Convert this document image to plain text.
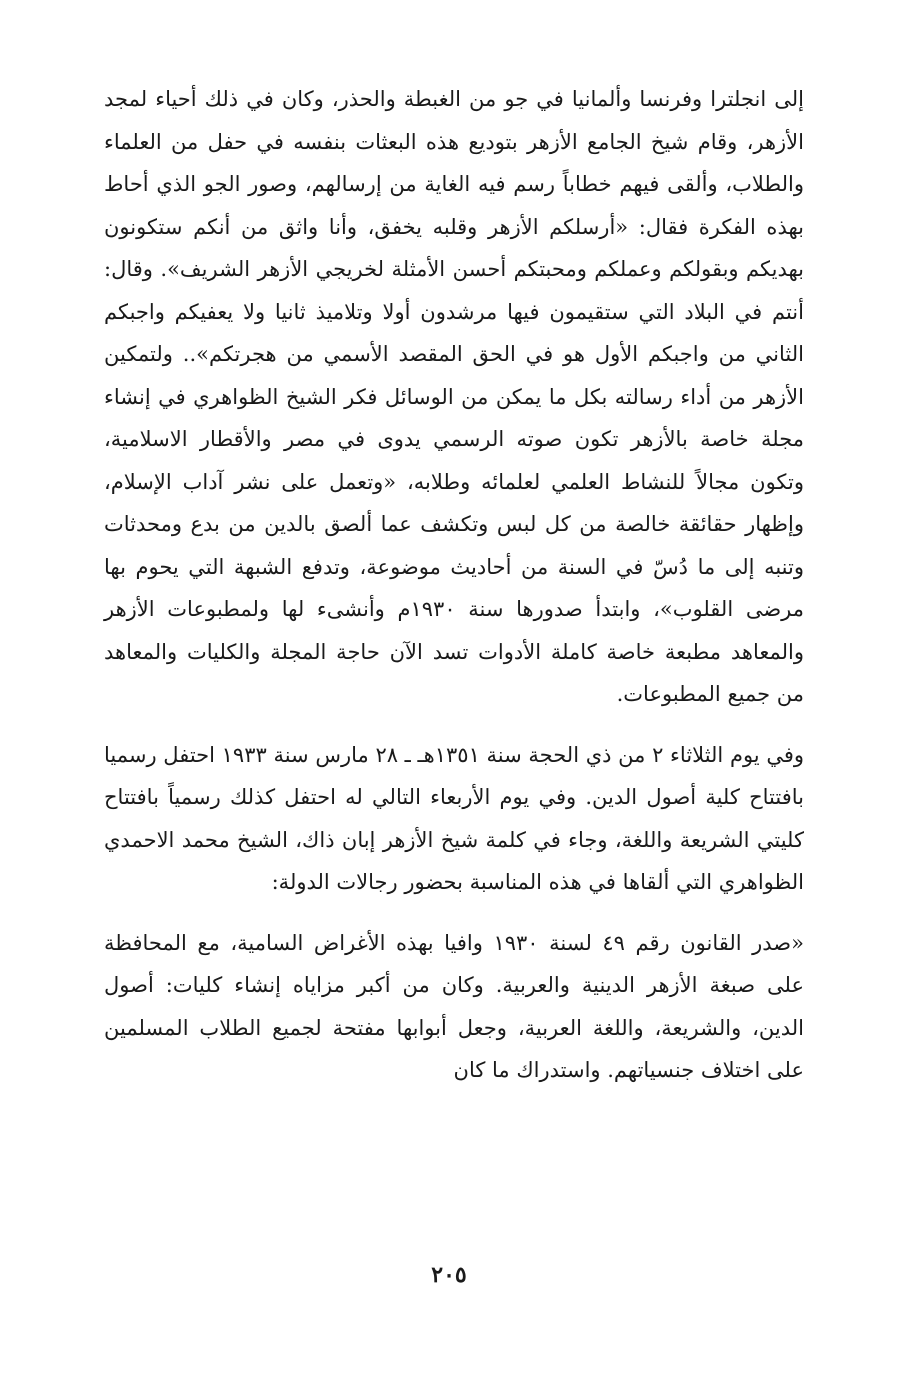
إلى انجلترا وفرنسا وألمانيا في جو من الغبطة والحذر، وكان في ذلك أحياء لمجد الأزهر، وقام شيخ الجامع الأزهر بتوديع هذه البعثات بنفسه في حفل من العلماء والطلاب، وألقى فيهم خطاباً رسم فيه الغاية من إرسالهم، وصور الجو الذي أحاط بهذه الفكرة فقال: «أرسلكم الأزهر وقلبه يخفق، وأنا واثق من أنكم ستكونون بهديكم وبقولكم وعملكم ومحبتكم أحسن الأمثلة لخريجي الأزهر الشريف». وقال: أنتم في البلاد التي ستقيمون فيها مرشدون أولا وتلاميذ ثانيا ولا يعفيكم واجبكم الثاني من واجبكم الأول هو في الحق المقصد الأسمي من هجرتكم».. ولتمكين الأزهر من أداء رسالته بكل ما يمكن من الوسائل فكر الشيخ الظواهري في إنشاء مجلة خاصة بالأزهر تكون صوته الرسمي يدوى في مصر والأقطار الاسلامية، وتكون مجالاً للنشاط العلمي لعلمائه وطلابه، «وتعمل على نشر آداب الإسلام، وإظهار حقائقة خالصة من كل لبس وتكشف عما ألصق بالدين من بدع ومحدثات وتنبه إلى ما دُسّ في السنة من أحاديث موضوعة، وتدفع الشبهة التي يحوم بها مرضى القلوب»، وابتدأ صدورها سنة ١٩٣٠م وأنشىء لها ولمطبوعات الأزهر والمعاهد مطبعة خاصة كاملة الأدوات تسد الآن حاجة المجلة والكليات والمعاهد من جميع المطبوعات.

وفي يوم الثلاثاء ٢ من ذي الحجة سنة ١٣٥١هـ ـ ٢٨ مارس سنة ١٩٣٣ احتفل رسميا بافتتاح كلية أصول الدين. وفي يوم الأربعاء التالي له احتفل كذلك رسمياً بافتتاح كليتي الشريعة واللغة، وجاء في كلمة شيخ الأزهر إبان ذاك، الشيخ محمد الاحمدي الظواهري التي ألقاها في هذه المناسبة بحضور رجالات الدولة:

«صدر القانون رقم ٤٩ لسنة ١٩٣٠ وافيا بهذه الأغراض السامية، مع المحافظة على صبغة الأزهر الدينية والعربية. وكان من أكبر مزاياه إنشاء كليات: أصول الدين، والشريعة، واللغة العربية، وجعل أبوابها مفتحة لجميع الطلاب المسلمين على اختلاف جنسياتهم. واستدراك ما كان

٢٠٥
